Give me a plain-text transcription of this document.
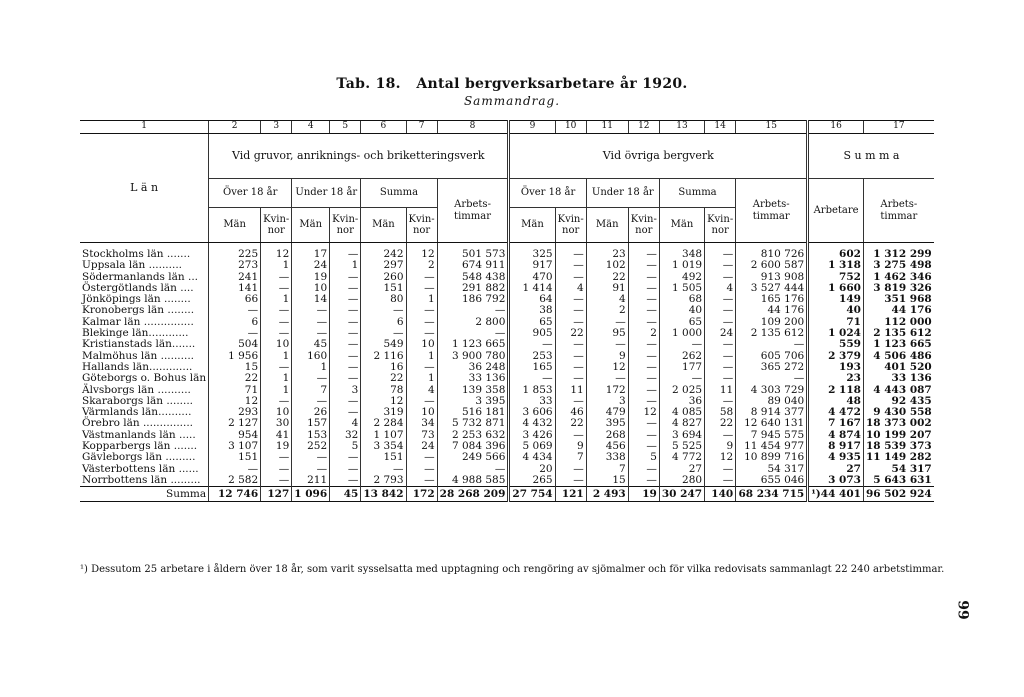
Tab. 18. Antal bergverksarbetare år 1920.
Sammandrag.
1	2	3	4	5	6	7	8	9	10	11	12	13	14	15	16	17
L ä n	Vid gruvor, anriknings- och briketteringsverk							Vid övriga bergverk							S u m m a	
	Över 18 år		Under 18 år		Summa		Arbets-timmar	Över 18 år		Under 18 år		Summa		Arbets-timmar	Arbetare	Arbets-timmar
	Män	Kvin-nor	Män	Kvin-nor	Män	Kvin-nor		Män	Kvin-nor	Män	Kvin-nor	Män	Kvin-nor			
Stockholms län .......	225	12	17	—	242	12	501 573	325	—	23	—	348	—	810 726	602	1 312 299
Uppsala län ..........	273	1	24	1	297	2	674 911	917	—	102	—	1 019	—	2 600 587	1 318	3 275 498
Södermanlands län ...	241	—	19	—	260	—	548 438	470	—	22	—	492	—	913 908	752	1 462 346
Östergötlands län ....	141	—	10	—	151	—	291 882	1 414	4	91	—	1 505	4	3 527 444	1 660	3 819 326
Jönköpings län ........	66	1	14	—	80	1	186 792	64	—	4	—	68	—	165 176	149	351 968
Kronobergs län ........	—	—	—	—	—	—	—	38	—	2	—	40	—	44 176	40	44 176
Kalmar län ...............	6	—	—	—	6	—	2 800	65	—	—	—	65	—	109 200	71	112 000
Blekinge län............	—	—	—	—	—	—	—	905	22	95	2	1 000	24	2 135 612	1 024	2 135 612
Kristianstads län.......	504	10	45	—	549	10	1 123 665	—	—	—	—	—	—	—	559	1 123 665
Malmöhus län ..........	1 956	1	160	—	2 116	1	3 900 780	253	—	9	—	262	—	605 706	2 379	4 506 486
Hallands län.............	15	—	1	—	16	—	36 248	165	—	12	—	177	—	365 272	193	401 520
Göteborgs o. Bohus län	22	1	—	—	22	1	33 136	—	—	—	—	—	—	—	23	33 136
Älvsborgs län ..........	71	1	7	3	78	4	139 358	1 853	11	172	—	2 025	11	4 303 729	2 118	4 443 087
Skaraborgs län ........	12	—	—	—	12	—	3 395	33	—	3	—	36	—	89 040	48	92 435
Värmlands län..........	293	10	26	—	319	10	516 181	3 606	46	479	12	4 085	58	8 914 377	4 472	9 430 558
Örebro län ...............	2 127	30	157	4	2 284	34	5 732 871	4 432	22	395	—	4 827	22	12 640 131	7 167	18 373 002
Västmanlands län .....	954	41	153	32	1 107	73	2 253 632	3 426	—	268	—	3 694	—	7 945 575	4 874	10 199 207
Kopparbergs län .......	3 107	19	252	5	3 354	24	7 084 396	5 069	9	456	—	5 525	9	11 454 977	8 917	18 539 373
Gävleborgs län .........	151	—	—	—	151	—	249 566	4 434	7	338	5	4 772	12	10 899 716	4 935	11 149 282
Västerbottens län ......	—	—	—	—	—	—	—	20	—	7	—	27	—	54 317	27	54 317
Norrbottens län .........	2 582	—	211	—	2 793	—	4 988 585	265	—	15	—	280	—	655 046	3 073	5 643 631
Summa	12 746	127	1 096	45	13 842	172	28 268 209	27 754	121	2 493	19	30 247	140	68 234 715	¹)44 401	96 502 924
¹) Dessutom 25 arbetare i åldern över 18 år, som varit sysselsatta med upptagning och rengöring av sjömalmer och för vilka redovisats sammanlagt 22 240 arbetstimmar.
99
